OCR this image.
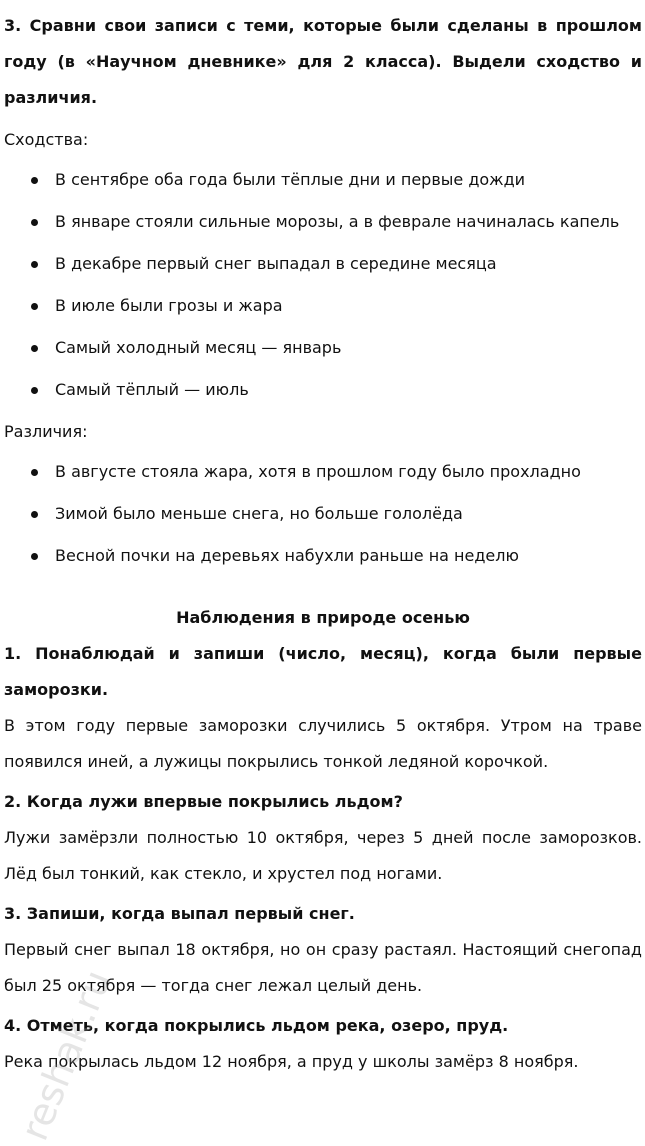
3. Сравни свои записи с теми, которые были сделаны в прошлом году (в «Научном дневнике» для 2 класса). Выдели сходство и различия.

Сходства:

В сентябре оба года были тёплые дни и первые дожди
В январе стояли сильные морозы, а в феврале начиналась капель
В декабре первый снег выпадал в середине месяца
В июле были грозы и жара
Самый холодный месяц — январь
Самый тёплый — июль

Различия:

В августе стояла жара, хотя в прошлом году было прохладно
Зимой было меньше снега, но больше гололёда
Весной почки на деревьях набухли раньше на неделю

Наблюдения в природе осенью

1. Понаблюдай и запиши (число, месяц), когда были первые заморозки.

В этом году первые заморозки случились 5 октября. Утром на траве появился иней, а лужицы покрылись тонкой ледяной корочкой.

2. Когда лужи впервые покрылись льдом?

Лужи замёрзли полностью 10 октября, через 5 дней после заморозков. Лёд был тонкий, как стекло, и хрустел под ногами.

3. Запиши, когда выпал первый снег.

Первый снег выпал 18 октября, но он сразу растаял. Настоящий снегопад был 25 октября — тогда снег лежал целый день.

4. Отметь, когда покрылись льдом река, озеро, пруд.

Река покрылась льдом 12 ноября, а пруд у школы замёрз 8 ноября.

reshak.ru
